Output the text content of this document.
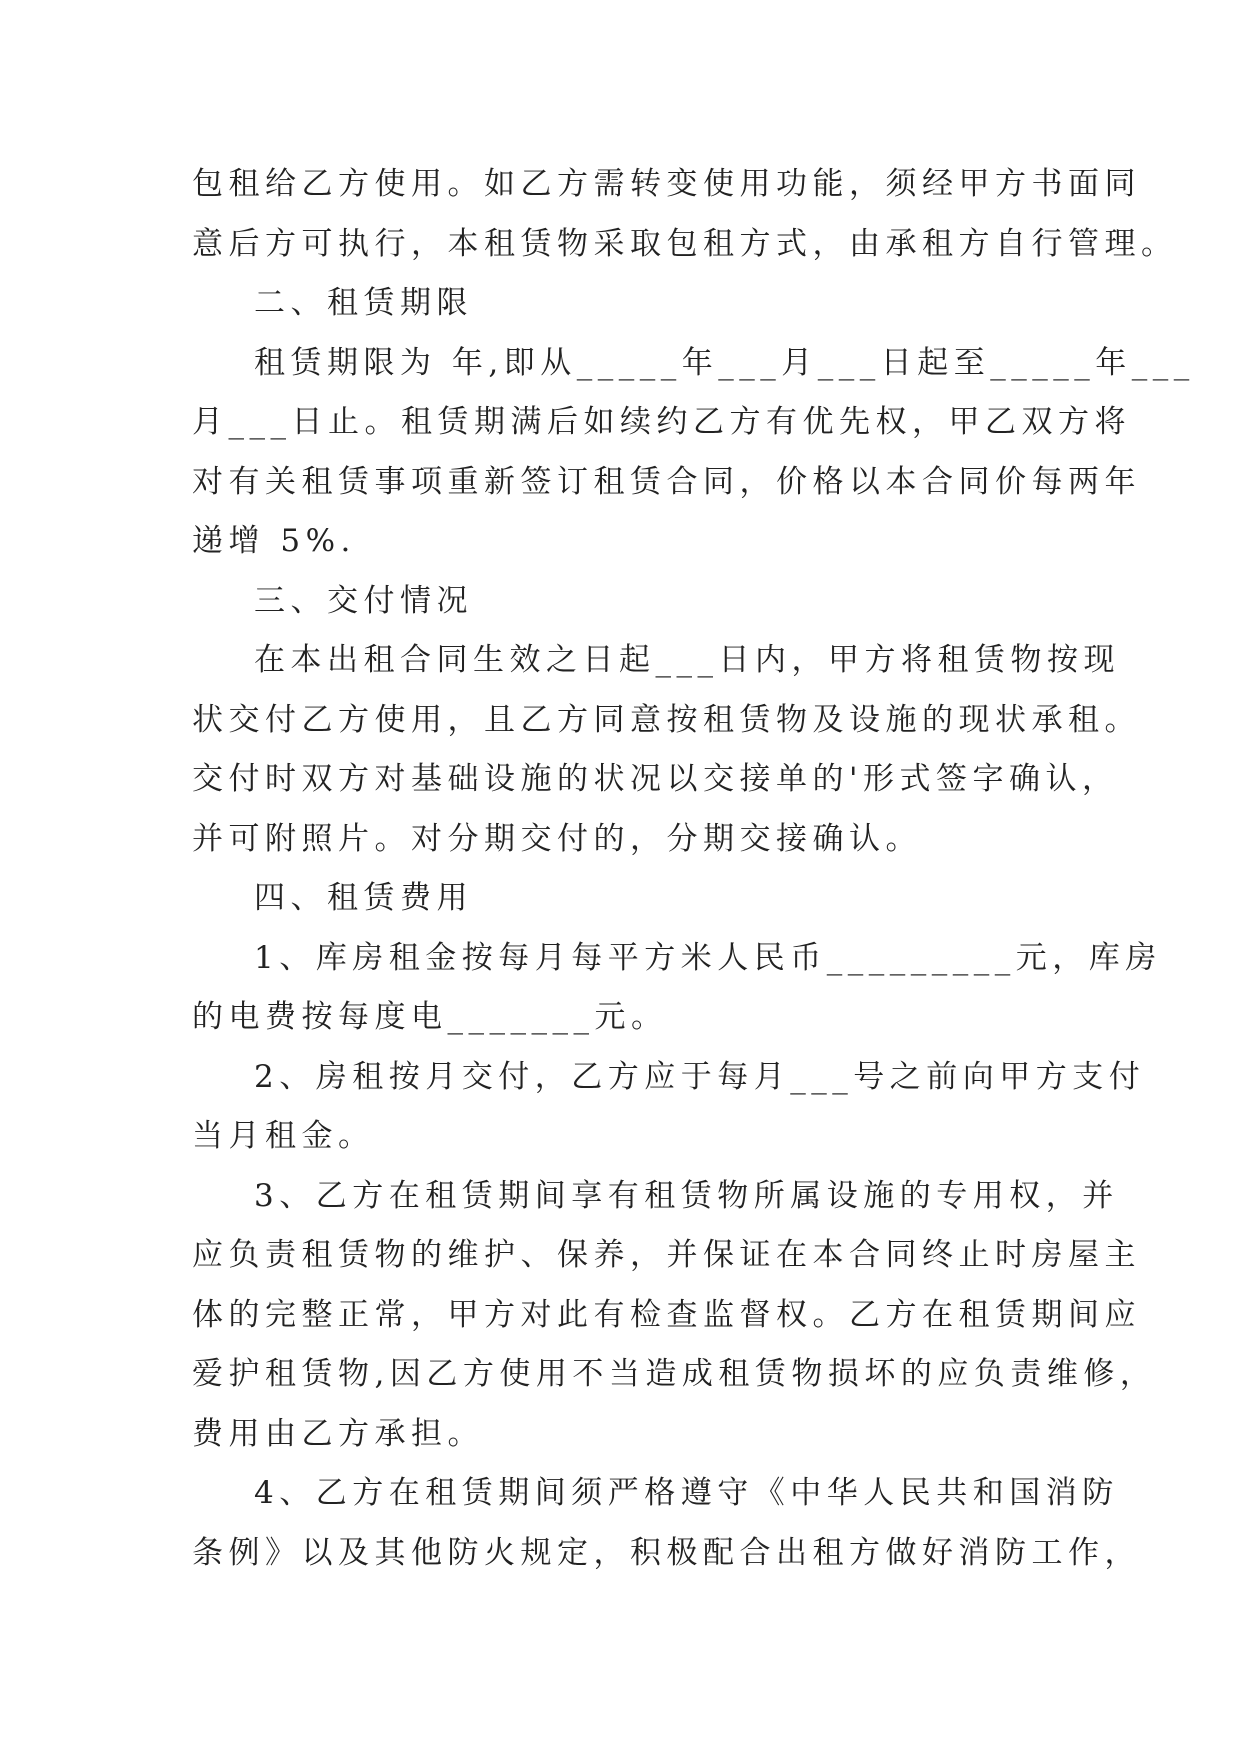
包租给乙方使用。如乙方需转变使用功能，须经甲方书面同
意后方可执行，本租赁物采取包租方式，由承租方自行管理。
二、租赁期限
租赁期限为 年,即从_____年___月___日起至_____年___
月___日止。租赁期满后如续约乙方有优先权，甲乙双方将
对有关租赁事项重新签订租赁合同，价格以本合同价每两年
递增 5%.
三、交付情况
在本出租合同生效之日起___日内，甲方将租赁物按现
状交付乙方使用，且乙方同意按租赁物及设施的现状承租。
交付时双方对基础设施的状况以交接单的'形式签字确认，
并可附照片。对分期交付的，分期交接确认。
四、租赁费用
1、库房租金按每月每平方米人民币_________元，库房
的电费按每度电_______元。
2、房租按月交付，乙方应于每月___号之前向甲方支付
当月租金。
3、乙方在租赁期间享有租赁物所属设施的专用权，并
应负责租赁物的维护、保养，并保证在本合同终止时房屋主
体的完整正常，甲方对此有检查监督权。乙方在租赁期间应
爱护租赁物,因乙方使用不当造成租赁物损坏的应负责维修，
费用由乙方承担。
4、乙方在租赁期间须严格遵守《中华人民共和国消防
条例》以及其他防火规定，积极配合出租方做好消防工作，
